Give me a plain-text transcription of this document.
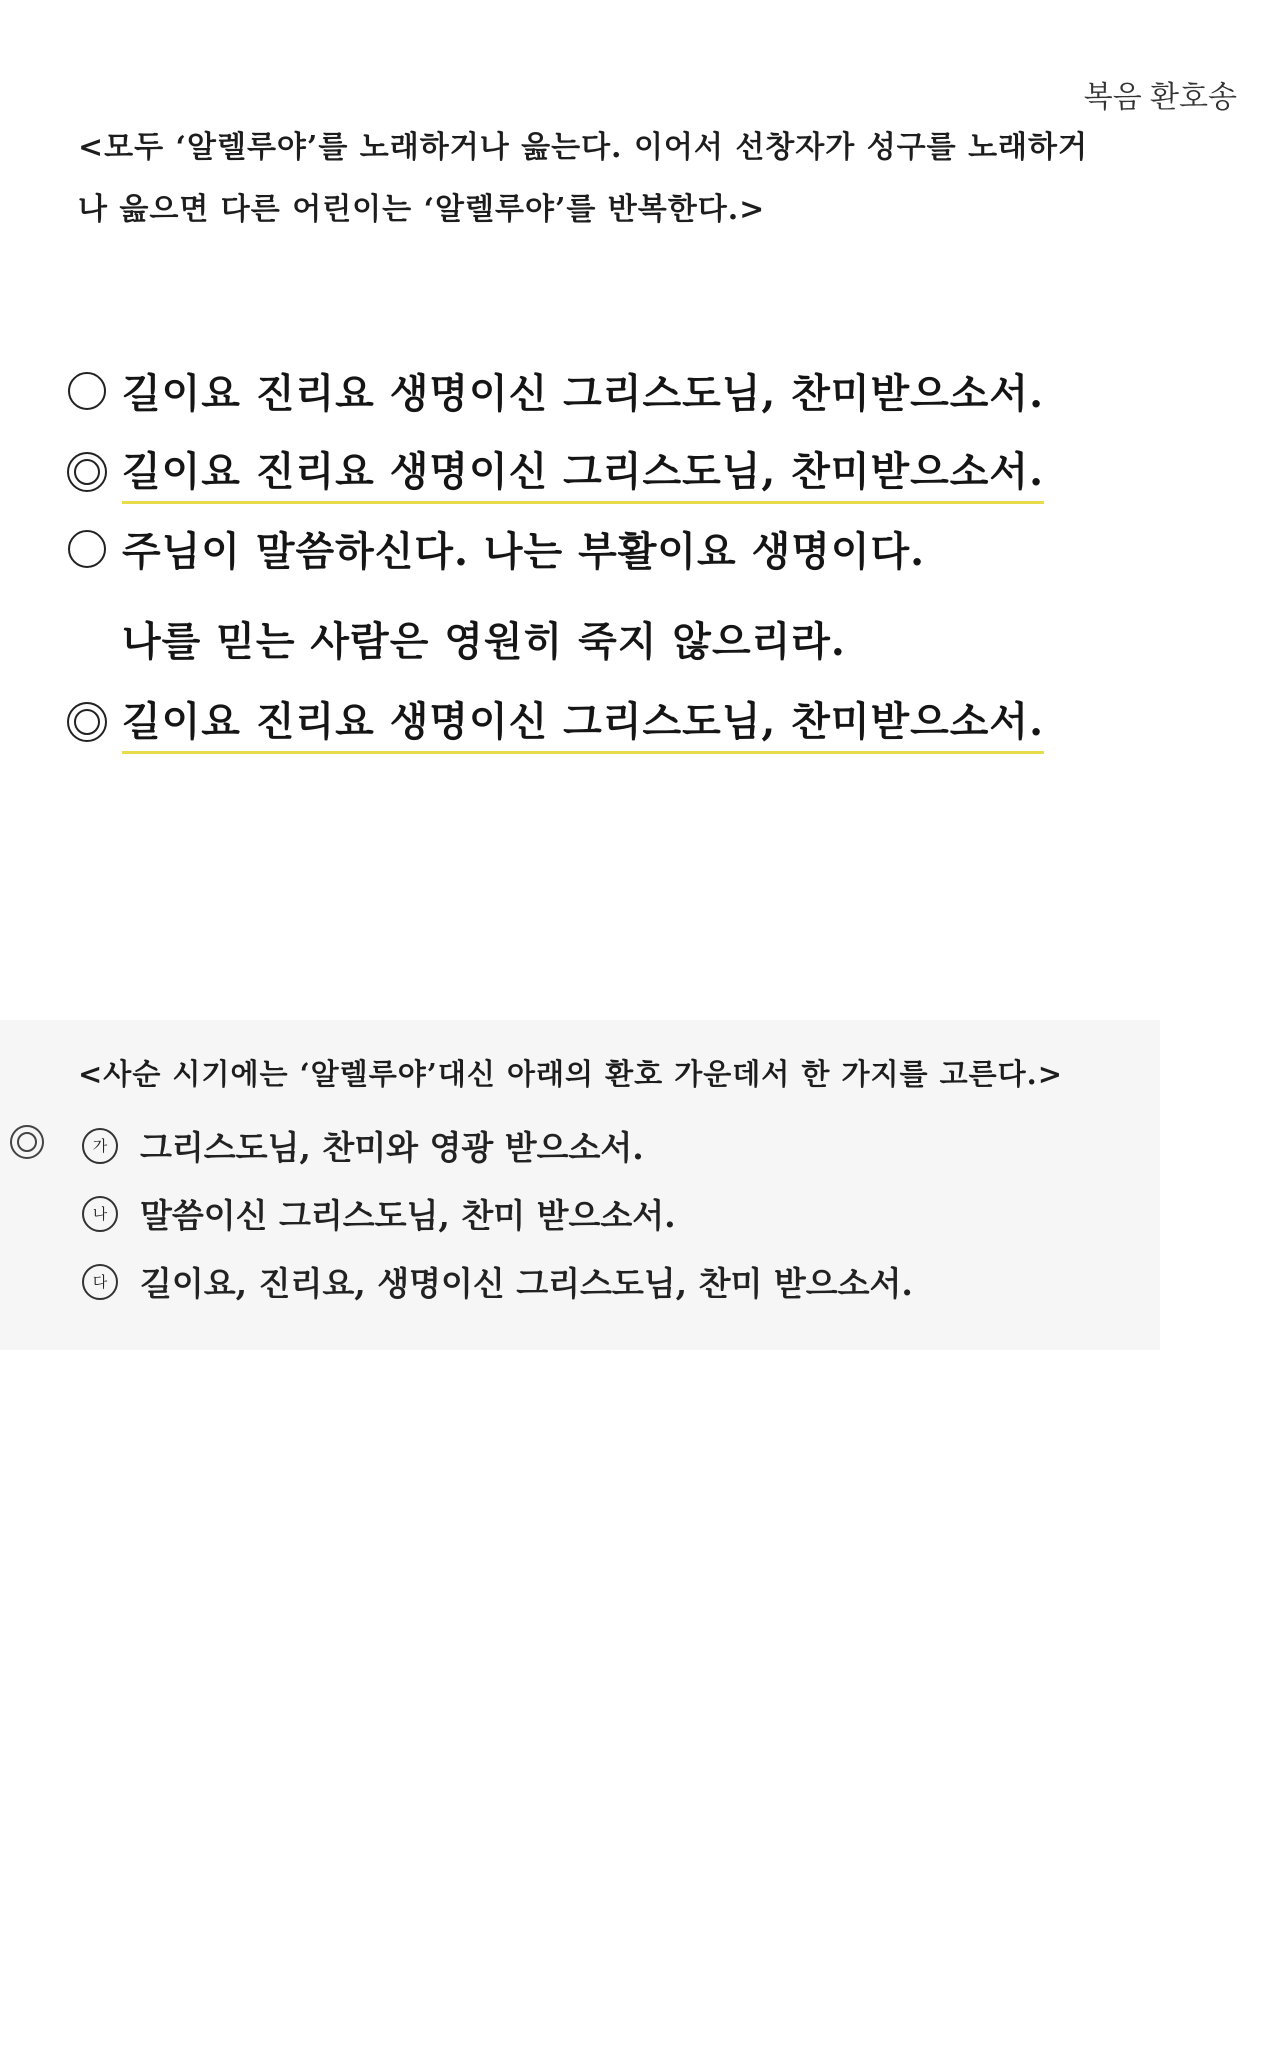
복음 환호송
<모두 ‘알렐루야’를 노래하거나 읊는다. 이어서 선창자가 성구를 노래하거
나 읊으면 다른 어린이는 ‘알렐루야’를 반복한다.>
길이요 진리요 생명이신 그리스도님, 찬미받으소서.
길이요 진리요 생명이신 그리스도님, 찬미받으소서.
주님이 말씀하신다. 나는 부활이요 생명이다.
나를 믿는 사람은 영원히 죽지 않으리라.
길이요 진리요 생명이신 그리스도님, 찬미받으소서.
<사순 시기에는 ‘알렐루야’대신 아래의 환호 가운데서 한 가지를 고른다.>
가 그리스도님, 찬미와 영광 받으소서.
나 말씀이신 그리스도님, 찬미 받으소서.
다 길이요, 진리요, 생명이신 그리스도님, 찬미 받으소서.
